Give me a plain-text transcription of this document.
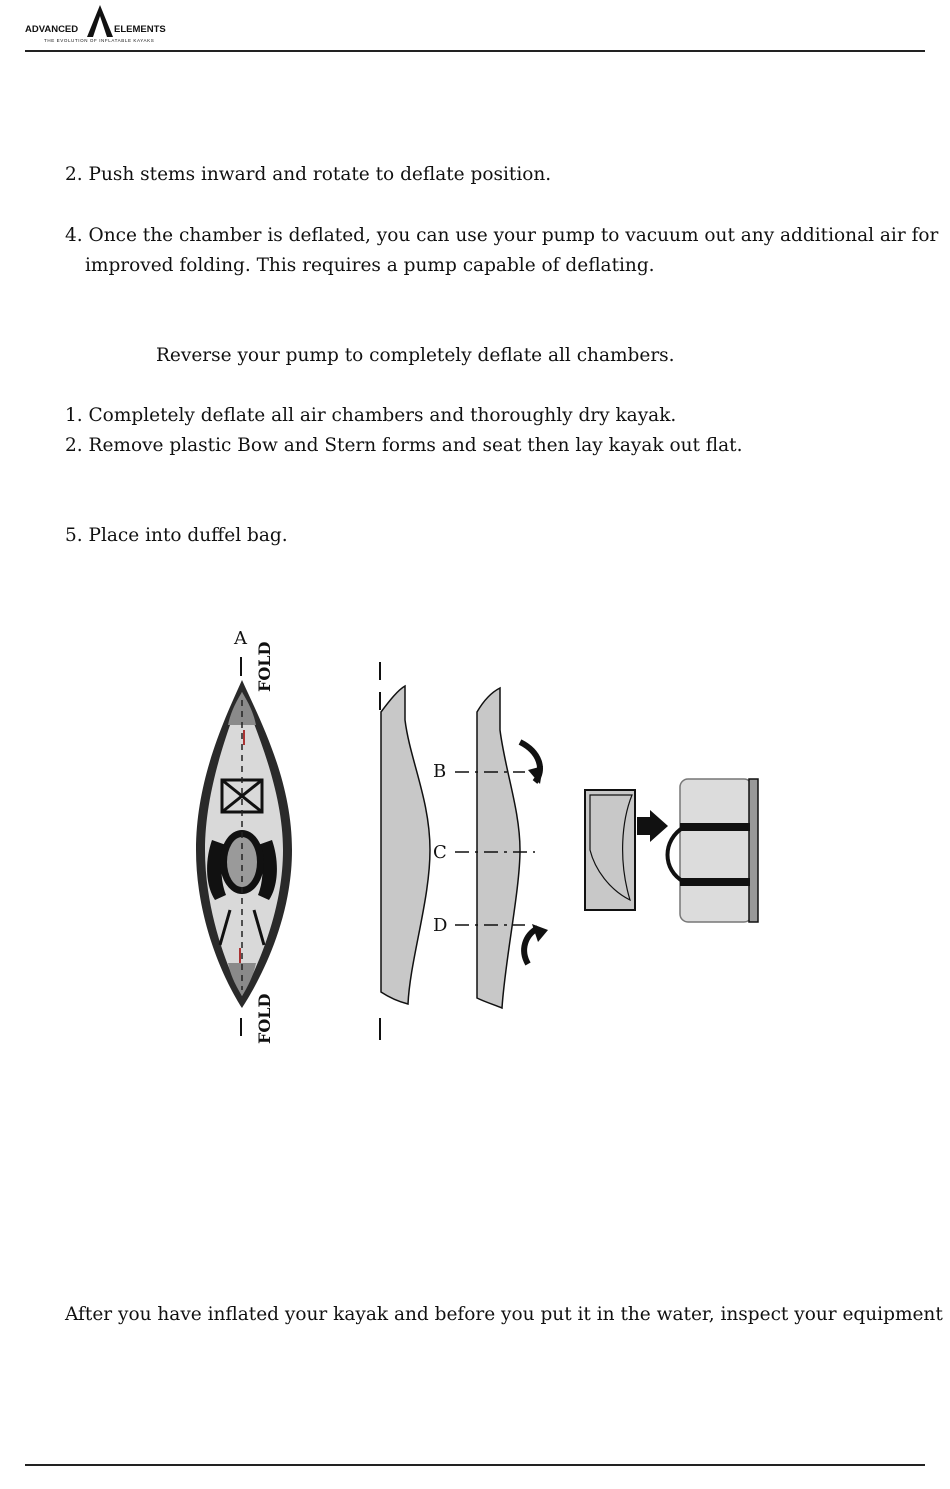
ADVANCED	ELEMENTS
THE EVOLUTION OF INFLATABLE KAYAKS
2. Push stems inward and rotate to deflate position.
4. Once the chamber is deflated, you can use your pump to vacuum out any additional air for
improved folding. This requires a pump capable of deflating.
Reverse your pump to completely deflate all chambers.
1. Completely deflate all air chambers and thoroughly dry kayak.
2. Remove plastic Bow and Stern forms and seat then lay kayak out flat.
5. Place into duffel bag.
A
FOLD
FOLD
B
C
D
After you have inflated your kayak and before you put it in the water, inspect your equipment
